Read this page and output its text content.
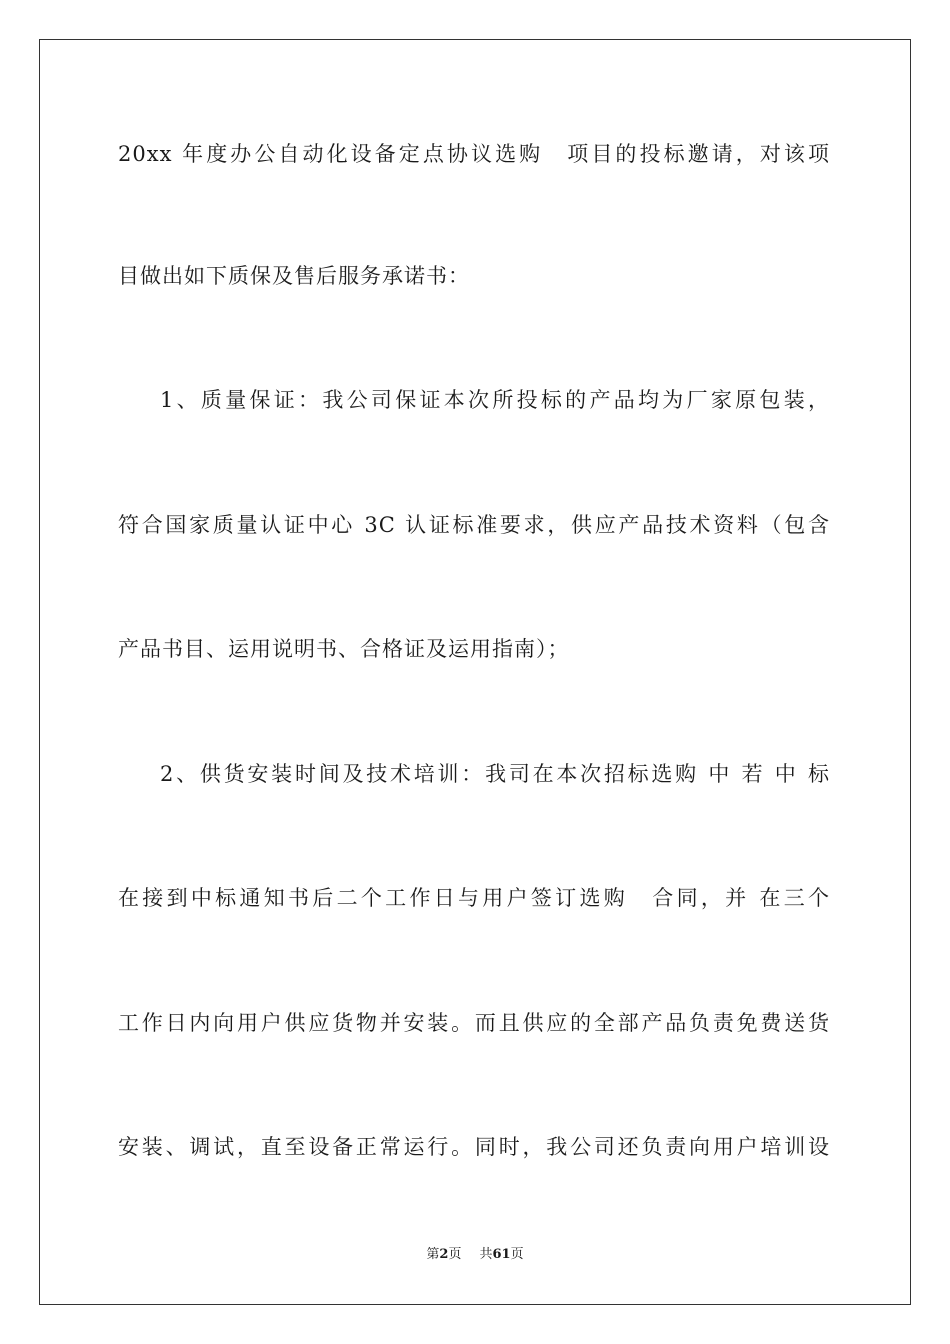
20xx 年度办公自动化设备定点协议选购　项目的投标邀请，对该项
目做出如下质保及售后服务承诺书：
1、质量保证：我公司保证本次所投标的产品均为厂家原包装，
符合国家质量认证中心 3C 认证标准要求，供应产品技术资料（包含
产品书目、运用说明书、合格证及运用指南）；
2、供货安装时间及技术培训：我司在本次招标选购 中 若 中 标
在接到中标通知书后二个工作日与用户签订选购　合同，并 在三个
工作日内向用户供应货物并安装。而且供应的全部产品负责免费送货
安装、调试，直至设备正常运行。同时，我公司还负责向用户培训设
第2页 共61页
